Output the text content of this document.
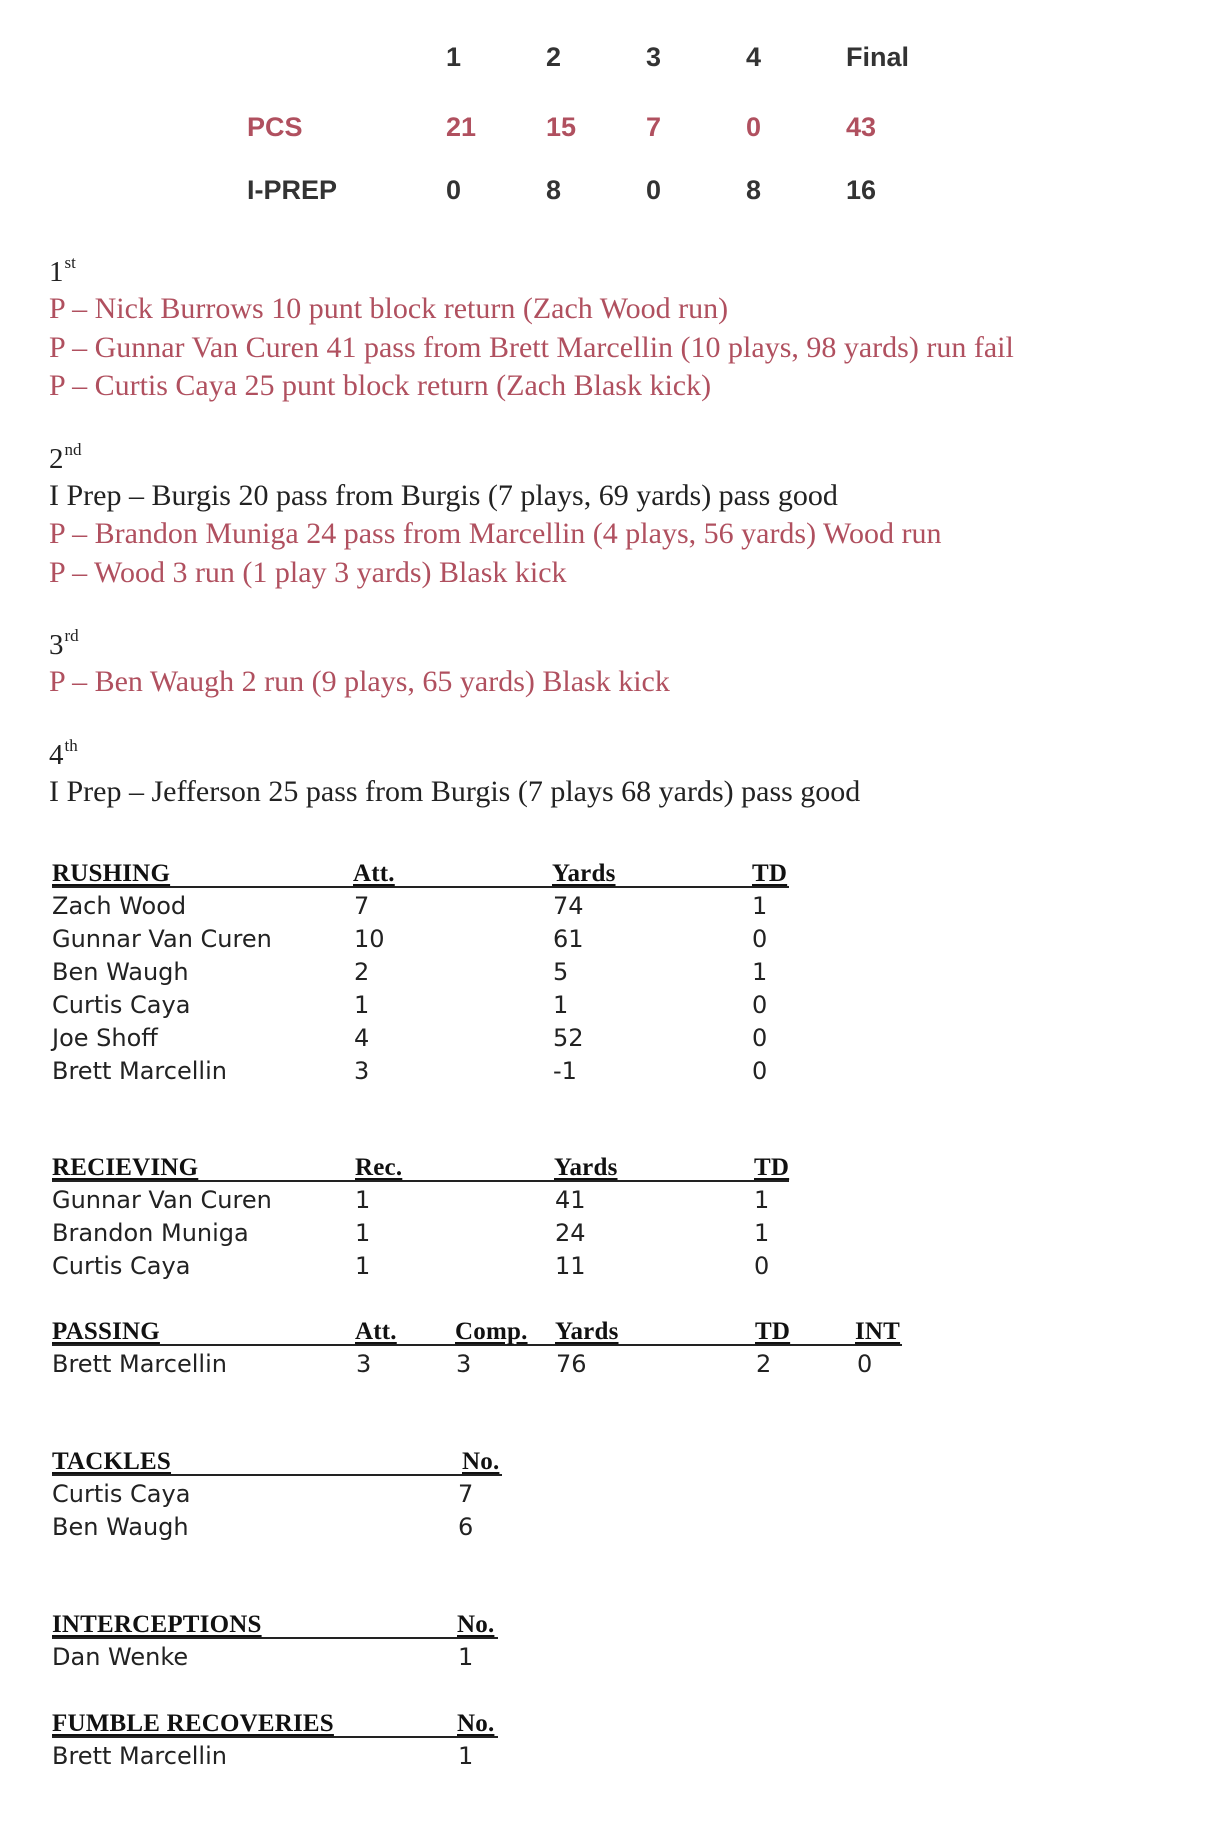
1	2	3	4	Final
PCS	21	15	7	0	43
I-PREP	0	8	0	8	16
1st
P – Nick Burrows 10 punt block return (Zach Wood run)
P – Gunnar Van Curen 41 pass from Brett Marcellin (10 plays, 98 yards) run fail
P – Curtis Caya 25 punt block return (Zach Blask kick)
2nd
I Prep – Burgis 20 pass from Burgis (7 plays, 69 yards) pass good
P – Brandon Muniga 24 pass from Marcellin (4 plays, 56 yards) Wood run
P – Wood 3 run (1 play 3 yards) Blask kick
3rd
P – Ben Waugh 2 run (9 plays, 65 yards) Blask kick
4th
I Prep – Jefferson 25 pass from Burgis (7 plays 68 yards) pass good
RUSHING	Att.	Yards	TD
Zach Wood	7	74	1
Gunnar Van Curen	10	61	0
Ben Waugh	2	5	1
Curtis Caya	1	1	0
Joe Shoff	4	52	0
Brett Marcellin	3	-1	0
RECIEVING	Rec.	Yards	TD
Gunnar Van Curen	1	41	1
Brandon Muniga	1	24	1
Curtis Caya	1	11	0
PASSING	Att. Comp. Yards	TD	INT
Brett Marcellin	3	3	76	2	0
TACKLES	No.
Curtis Caya	7
Ben Waugh	6
INTERCEPTIONS	No.
Dan Wenke	1
FUMBLE RECOVERIES	No.
Brett Marcellin	1
